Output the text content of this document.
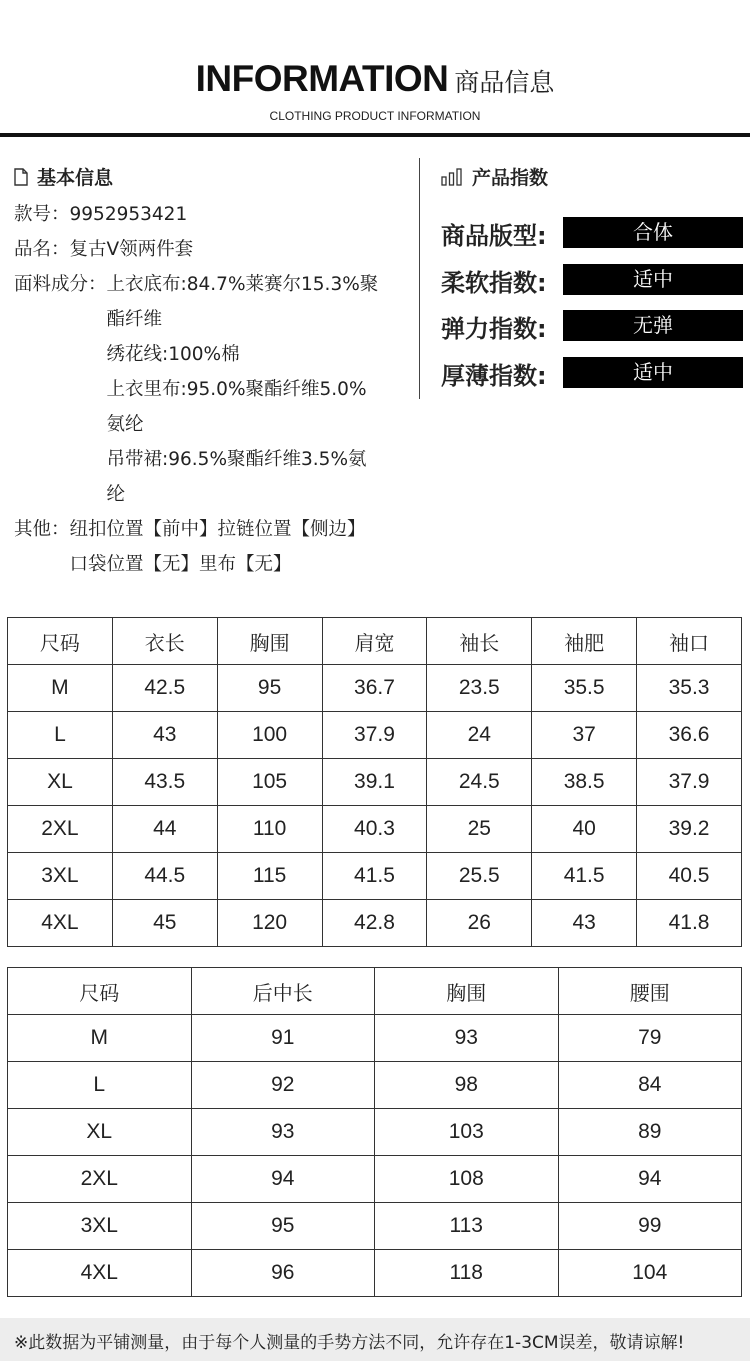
INFORMATION 商品信息
CLOTHING PRODUCT INFORMATION
基本信息
款号： 9952953421
品名： 复古V领两件套
面料成分： 上衣底布:84.7%莱赛尔15.3%聚
酯纤维
绣花线:100%棉
上衣里布:95.0%聚酯纤维5.0%
氨纶
吊带裙:96.5%聚酯纤维3.5%氨
纶
其他： 纽扣位置【前中】拉链位置【侧边】
口袋位置【无】里布【无】
产品指数
商品版型:	合体
柔软指数:	适中
弹力指数:	无弹
厚薄指数:	适中
尺码	衣长	胸围	肩宽	袖长	袖肥	袖口
M	42.5	95	36.7	23.5	35.5	35.3
L	43	100	37.9	24	37	36.6
XL	43.5	105	39.1	24.5	38.5	37.9
2XL	44	110	40.3	25	40	39.2
3XL	44.5	115	41.5	25.5	41.5	40.5
4XL	45	120	42.8	26	43	41.8
尺码	后中长	胸围	腰围
M	91	93	79
L	92	98	84
XL	93	103	89
2XL	94	108	94
3XL	95	113	99
4XL	96	118	104
※此数据为平铺测量，由于每个人测量的手势方法不同，允许存在1-3CM误差，敬请谅解!
